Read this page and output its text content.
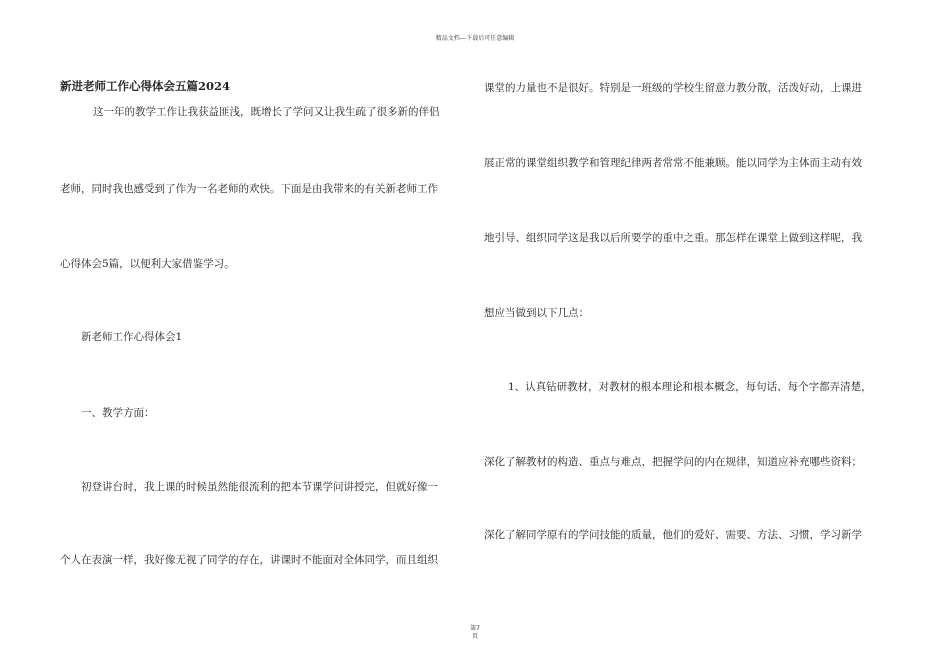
精品文档---下载后可任意编辑
新进老师工作心得体会五篇2024
这一年的教学工作让我获益匪浅，既增长了学问又让我生疏了很多新的伴侣
老师，同时我也感受到了作为一名老师的欢快。下面是由我带来的有关新老师工作
心得体会5篇，以便利大家借鉴学习。
新老师工作心得体会1
一、教学方面：
初登讲台时，我上课的时候虽然能很流利的把本节课学问讲授完，但就好像一
个人在表演一样，我好像无视了同学的存在，讲课时不能面对全体同学，而且组织
课堂的力量也不是很好。特别是一班级的学校生留意力教分散，活泼好动，上课进
展正常的课堂组织教学和管理纪律两者常常不能兼顾。能以同学为主体而主动有效
地引导、组织同学这是我以后所要学的重中之重。那怎样在课堂上做到这样呢，我
想应当做到以下几点：
1、认真钻研教材，对教材的根本理论和根本概念，每句话、每个字都弄清楚，
深化了解教材的构造、重点与难点，把握学问的内在规律，知道应补充哪些资料；
深化了解同学原有的学问技能的质量，他们的爱好、需要、方法、习惯，学习新学
第7
页
